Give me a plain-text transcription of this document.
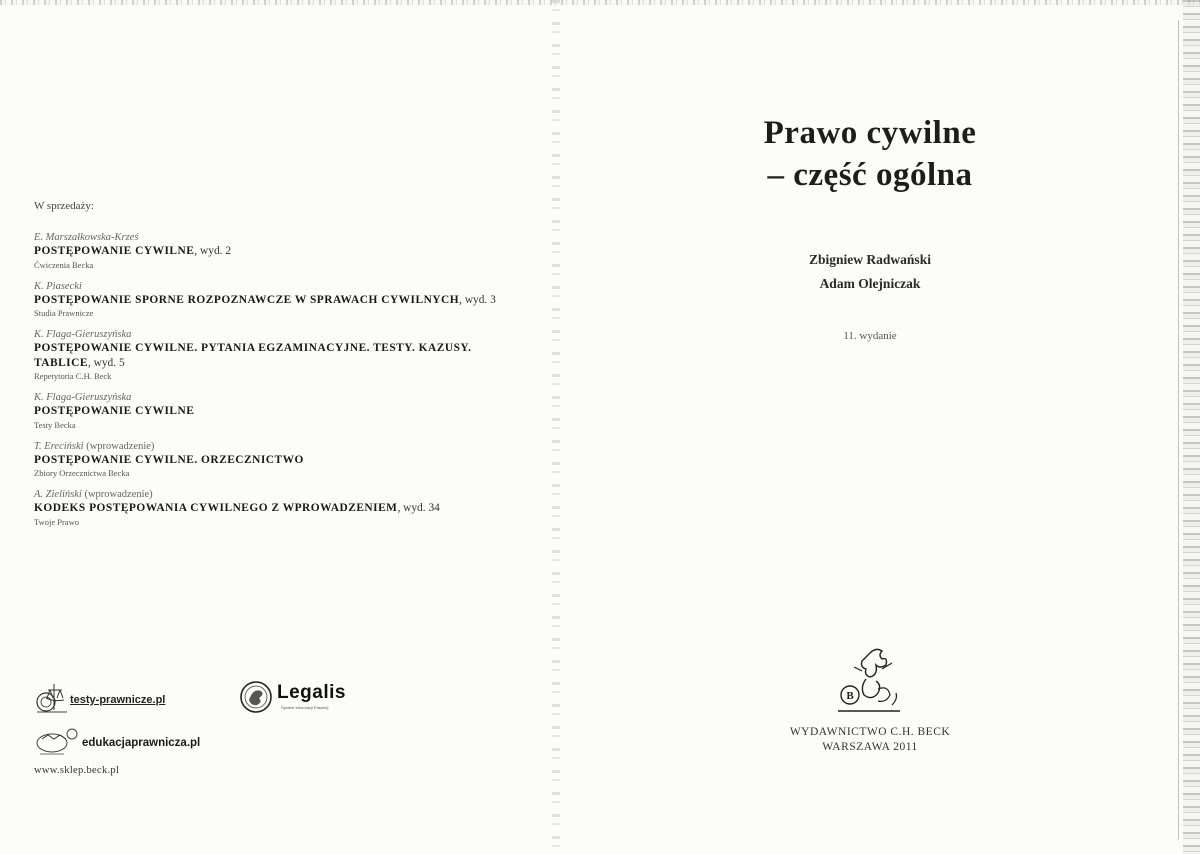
W sprzedaży:
E. Marszałkowska-Krześ
POSTĘPOWANIE CYWILNE, wyd. 2
Ćwiczenia Becka
K. Piasecki
POSTĘPOWANIE SPORNE ROZPOZNAWCZE W SPRAWACH CYWILNYCH, wyd. 3
Studia Prawnicze
K. Flaga-Gieruszyńska
POSTĘPOWANIE CYWILNE. PYTANIA EGZAMINACYJNE. TESTY. KAZUSY. TABLICE, wyd. 5
Repetytoria C.H. Beck
K. Flaga-Gieruszyńska
POSTĘPOWANIE CYWILNE
Testy Becka
T. Ereciński (wprowadzenie)
POSTĘPOWANIE CYWILNE. ORZECZNICTWO
Zbiory Orzecznictwa Becka
A. Zieliński (wprowadzenie)
KODEKS POSTĘPOWANIA CYWILNEGO Z WPROWADZENIEM, wyd. 34
Twoje Prawo
testy-prawnicze.pl	Legalis
System Informacji Prawnej
edukacjaprawnicza.pl
www.sklep.beck.pl
Prawo cywilne
– część ogólna
Zbigniew Radwański
Adam Olejniczak
11. wydanie
B
WYDAWNICTWO C.H. BECK
WARSZAWA 2011
